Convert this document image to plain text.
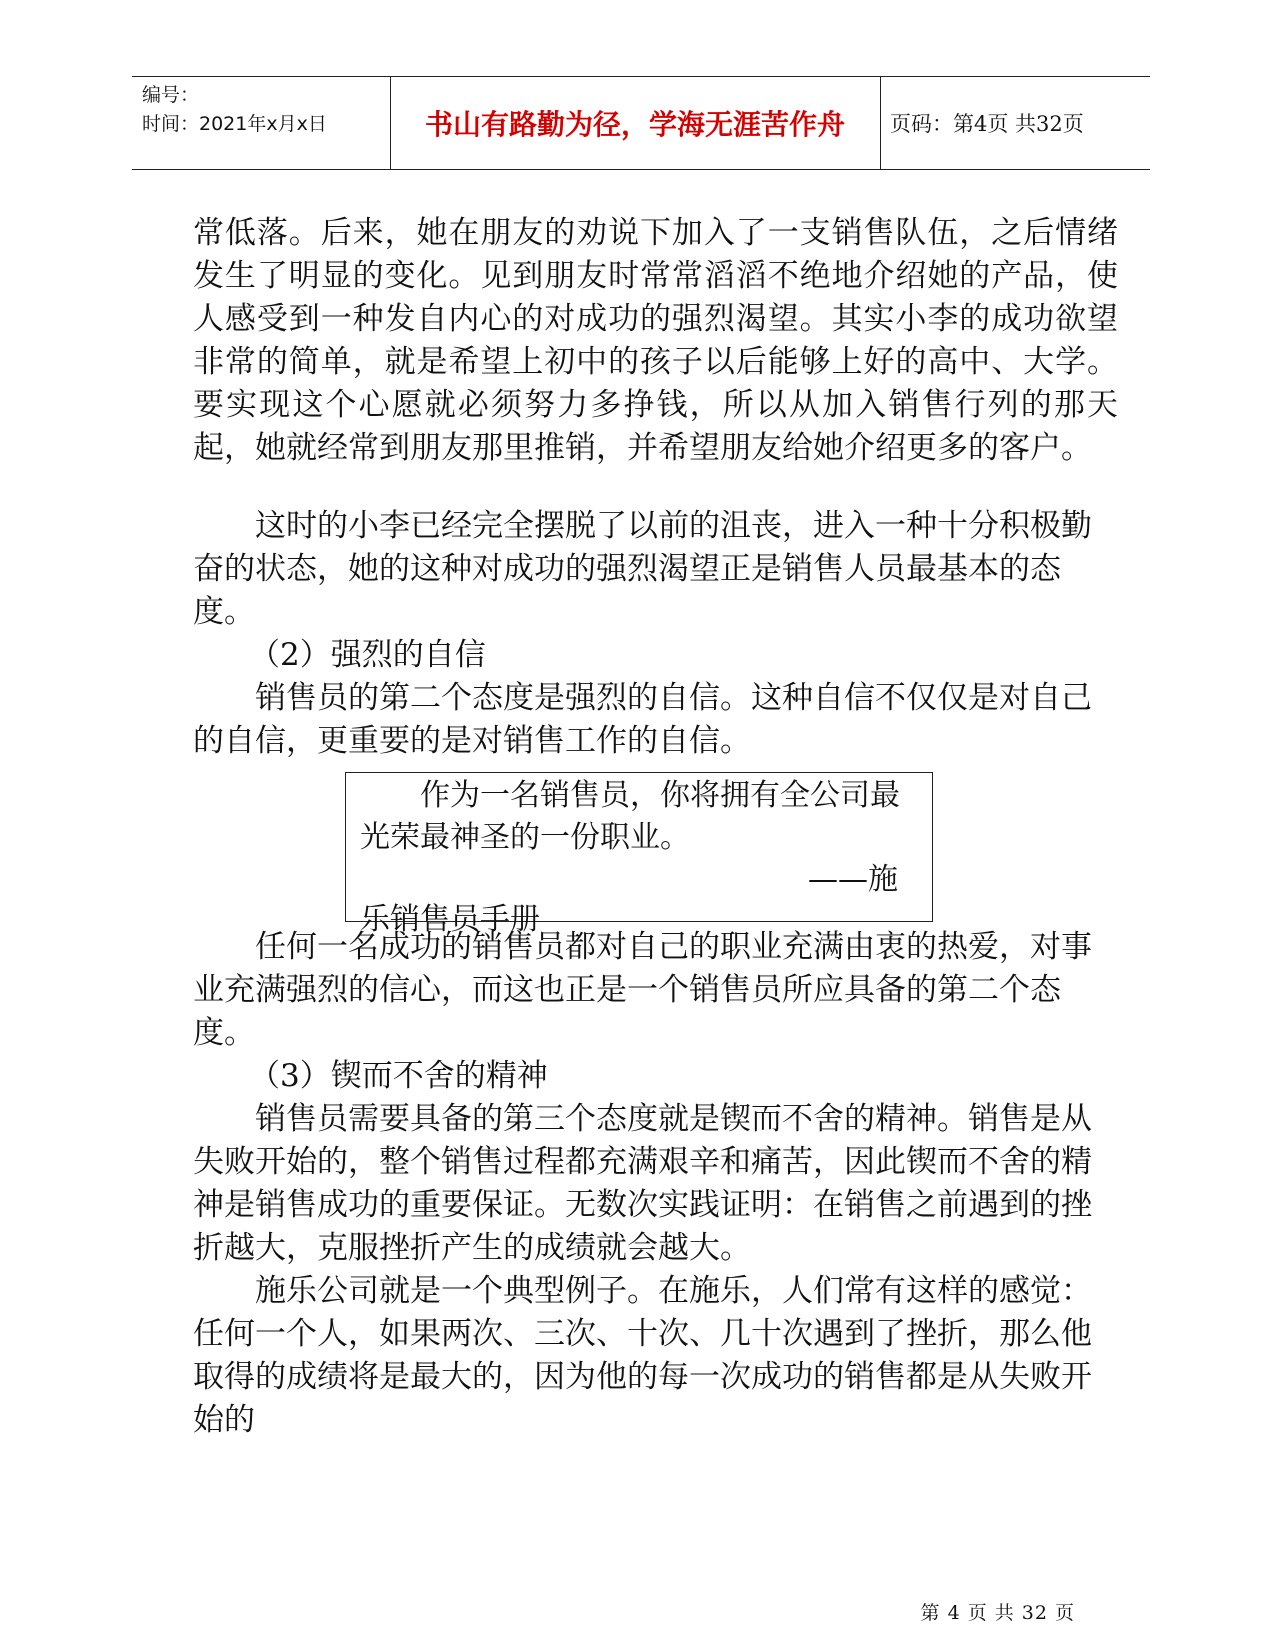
编号：
时间：2021年x月x日	书山有路勤为径，学海无涯苦作舟	页码：第4页 共32页

常低落。后来，她在朋友的劝说下加入了一支销售队伍，之后情绪发生了明显的变化。见到朋友时常常滔滔不绝地介绍她的产品，使人感受到一种发自内心的对成功的强烈渴望。其实小李的成功欲望非常的简单，就是希望上初中的孩子以后能够上好的高中、大学。要实现这个心愿就必须努力多挣钱，所以从加入销售行列的那天起，她就经常到朋友那里推销，并希望朋友给她介绍更多的客户。

这时的小李已经完全摆脱了以前的沮丧，进入一种十分积极勤奋的状态，她的这种对成功的强烈渴望正是销售人员最基本的态度。

（2）强烈的自信

销售员的第二个态度是强烈的自信。这种自信不仅仅是对自己的自信，更重要的是对销售工作的自信。

作为一名销售员，你将拥有全公司最光荣最神圣的一份职业。

——施

乐销售员手册

任何一名成功的销售员都对自己的职业充满由衷的热爱，对事业充满强烈的信心，而这也正是一个销售员所应具备的第二个态度。

（3）锲而不舍的精神

销售员需要具备的第三个态度就是锲而不舍的精神。销售是从失败开始的，整个销售过程都充满艰辛和痛苦，因此锲而不舍的精神是销售成功的重要保证。无数次实践证明：在销售之前遇到的挫折越大，克服挫折产生的成绩就会越大。

施乐公司就是一个典型例子。在施乐，人们常有这样的感觉：任何一个人，如果两次、三次、十次、几十次遇到了挫折，那么他取得的成绩将是最大的，因为他的每一次成功的销售都是从失败开始的

第 4 页 共 32 页
